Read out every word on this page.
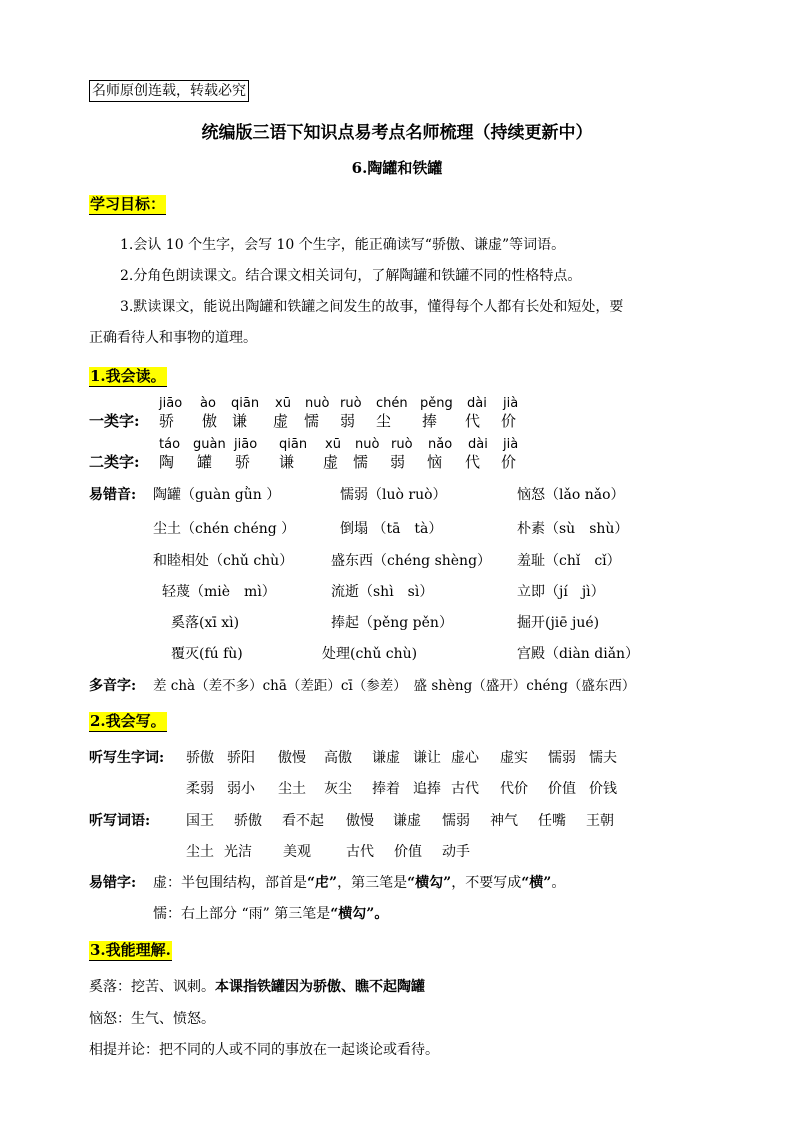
名师原创连载，转载必究
统编版三语下知识点易考点名师梳理（持续更新中）
6.陶罐和铁罐
学习目标：
1.会认 10 个生字，会写 10 个生字，能正确读写“骄傲、谦虚”等词语。
2.分角色朗读课文。结合课文相关词句，了解陶罐和铁罐不同的性格特点。
3.默读课文，能说出陶罐和铁罐之间发生的故事，懂得每个人都有长处和短处，要
正确看待人和事物的道理。
1.我会读。
jiāo ào qiān xū nuò ruò chén pěng dài jià
一类字: 骄 傲 谦 虚 懦 弱 尘 捧 代 价
táo guàn jiāo qiān xū nuò ruò nǎo dài jià
二类字: 陶 罐 骄 谦 虚 懦 弱 恼 代 价
易错音: 陶罐（guàn gǜn ）	懦弱（luò ruò）	恼怒（lǎo nǎo）
尘土（chén chéng ）	倒塌 （tā　tà）	朴素（sù　shù）
和睦相处（chǔ chù）	盛东西（chéng shèng） 羞耻（chǐ　cǐ）
轻蔑（miè　mì）	流逝（shì　sì）	立即（jí　jì）
奚落(xī xì)	捧起（pěng pěn）	掘开(jiē jué)
覆灭(fú fù)	处理(chǔ chù)	宫殿（diàn diǎn）
多音字: 差 chà（差不多）chā（差距）cī（参差）　盛 shèng（盛开）chéng（盛东西）
2.我会写。
听写生字词: 骄傲 骄阳 傲慢 高傲 谦虚 谦让 虚心 虚实 懦弱 懦夫
柔弱 弱小 尘土 灰尘 捧着 追捧 古代 代价 价值 价钱
听写词语:	国王 骄傲 看不起 傲慢 谦虚 懦弱 神气 任嘴 王朝
尘土 光洁 美观	古代 价值 动手
易错字: 虚：半包围结构，部首是“虍”，第三笔是“横勾”，不要写成“横”。
懦：右上部分 “雨” 第三笔是“横勾”。
3.我能理解.
奚落：挖苦、讽刺。本课指铁罐因为骄傲、瞧不起陶罐
恼怒：生气、愤怒。
相提并论：把不同的人或不同的事放在一起谈论或看待。
